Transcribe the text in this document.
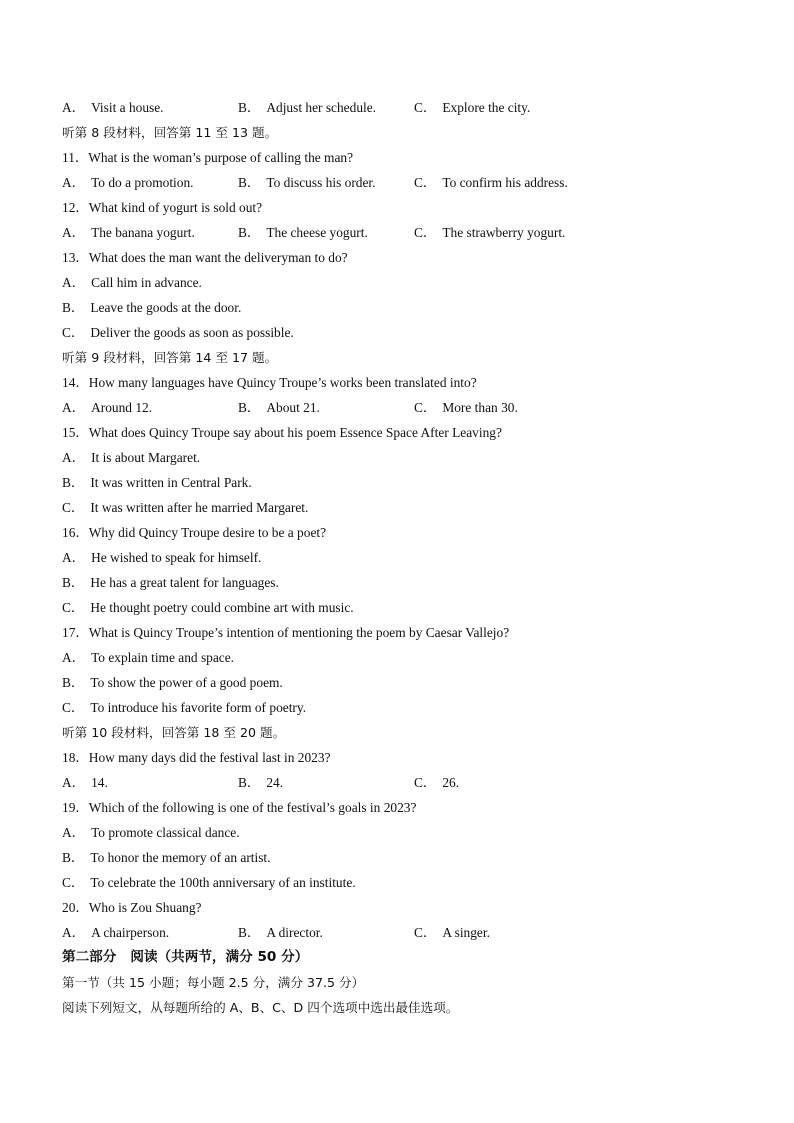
A． Visit a house.	B． Adjust her schedule.	C． Explore the city.
听第 8 段材料，回答第 11 至 13 题。
11．What is the woman’s purpose of calling the man?
A． To do a promotion.	B． To discuss his order.	C． To confirm his address.
12．What kind of yogurt is sold out?
A． The banana yogurt.	B． The cheese yogurt.	C． The strawberry yogurt.
13．What does the man want the deliveryman to do?
A． Call him in advance.
B． Leave the goods at the door.
C． Deliver the goods as soon as possible.
听第 9 段材料，回答第 14 至 17 题。
14．How many languages have Quincy Troupe’s works been translated into?
A． Around 12.	B． About 21.	C． More than 30.
15．What does Quincy Troupe say about his poem Essence Space After Leaving?
A． It is about Margaret.
B． It was written in Central Park.
C． It was written after he married Margaret.
16．Why did Quincy Troupe desire to be a poet?
A． He wished to speak for himself.
B． He has a great talent for languages.
C． He thought poetry could combine art with music.
17．What is Quincy Troupe’s intention of mentioning the poem by Caesar Vallejo?
A． To explain time and space.
B． To show the power of a good poem.
C． To introduce his favorite form of poetry.
听第 10 段材料，回答第 18 至 20 题。
18．How many days did the festival last in 2023?
A． 14.	B． 24.	C． 26.
19．Which of the following is one of the festival’s goals in 2023?
A． To promote classical dance.
B． To honor the memory of an artist.
C． To celebrate the 100th anniversary of an institute.
20．Who is Zou Shuang?
A． A chairperson.	B． A director.	C． A singer.
第二部分 阅读（共两节，满分 50 分）
第一节（共 15 小题；每小题 2.5 分，满分 37.5 分）
阅读下列短文，从每题所给的 A、B、C、D 四个选项中选出最佳选项。
